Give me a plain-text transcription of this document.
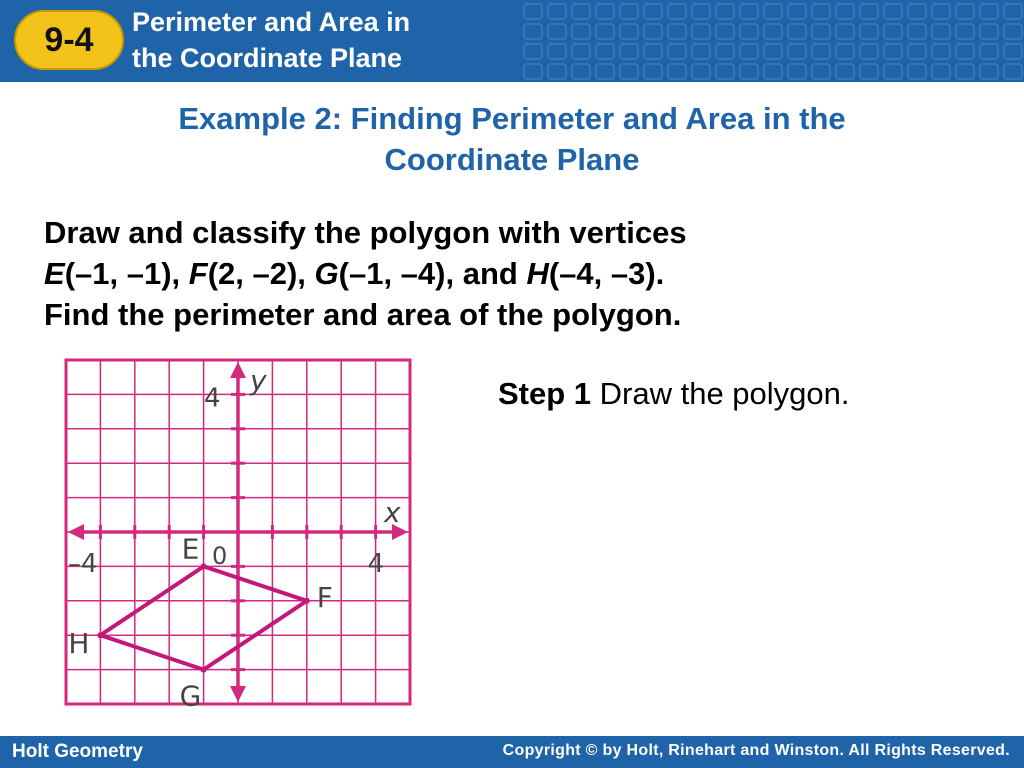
9-4	Perimeter and Area in
the Coordinate Plane
Example 2: Finding Perimeter and Area in the
Coordinate Plane
Draw and classify the polygon with vertices
E(–1, –1), F(2, –2), G(–1, –4), and H(–4, –3).
Find the perimeter and area of the polygon.
E
F
G
H
x
y
–4	4
4
0
Step 1 Draw the polygon.
Holt Geometry	Copyright © by Holt, Rinehart and Winston. All Rights Reserved.
